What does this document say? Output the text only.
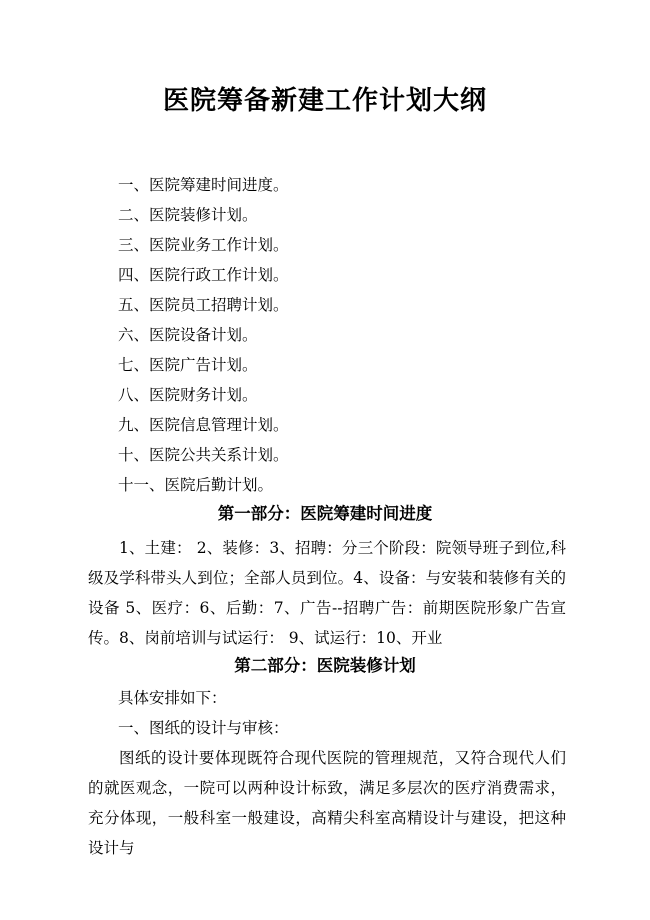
医院筹备新建工作计划大纲
一、医院筹建时间进度。
二、医院装修计划。
三、医院业务工作计划。
四、医院行政工作计划。
五、医院员工招聘计划。
六、医院设备计划。
七、医院广告计划。
八、医院财务计划。
九、医院信息管理计划。
十、医院公共关系计划。
十一、医院后勤计划。
第一部分：医院筹建时间进度

1、土建： 2、装修：3、招聘：分三个阶段：院领导班子到位,科级及学科带头人到位；全部人员到位。4、设备：与安装和装修有关的设备 5、医疗：6、后勤：7、广告--招聘广告：前期医院形象广告宣传。8、岗前培训与试运行： 9、试运行：10、开业

第二部分：医院装修计划

具体安排如下：

一、图纸的设计与审核：

图纸的设计要体现既符合现代医院的管理规范，又符合现代人们的就医观念，一院可以两种设计标致，满足多层次的医疗消费需求，充分体现，一般科室一般建设，高精尖科室高精设计与建设，把这种设计与
